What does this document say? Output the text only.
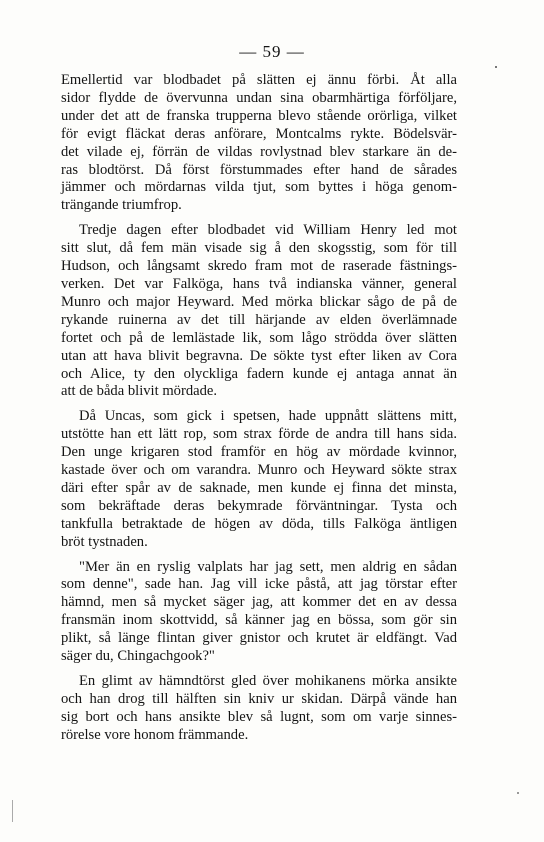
— 59 —
Emellertid var blodbadet på slätten ej ännu förbi. Åt alla
sidor flydde de övervunna undan sina obarmhärtiga förföljare,
under det att de franska trupperna blevo stående orörliga, vilket
för evigt fläckat deras anförare, Montcalms rykte. Bödelsvär-
det vilade ej, förrän de vildas rovlystnad blev starkare än de-
ras blodtörst. Då först förstummades efter hand de sårades
jämmer och mördarnas vilda tjut, som byttes i höga genom-
trängande triumfrop.
Tredje dagen efter blodbadet vid William Henry led mot
sitt slut, då fem män visade sig å den skogsstig, som för till
Hudson, och långsamt skredo fram mot de raserade fästnings-
verken. Det var Falköga, hans två indianska vänner, general
Munro och major Heyward. Med mörka blickar sågo de på de
rykande ruinerna av det till härjande av elden överlämnade
fortet och på de lemlästade lik, som lågo strödda över slätten
utan att hava blivit begravna. De sökte tyst efter liken av Cora
och Alice, ty den olyckliga fadern kunde ej antaga annat än
att de båda blivit mördade.
Då Uncas, som gick i spetsen, hade uppnått slättens mitt,
utstötte han ett lätt rop, som strax förde de andra till hans sida.
Den unge krigaren stod framför en hög av mördade kvinnor,
kastade över och om varandra. Munro och Heyward sökte strax
däri efter spår av de saknade, men kunde ej finna det minsta,
som bekräftade deras bekymrade förväntningar. Tysta och
tankfulla betraktade de högen av döda, tills Falköga äntligen
bröt tystnaden.
"Mer än en ryslig valplats har jag sett, men aldrig en sådan
som denne", sade han. Jag vill icke påstå, att jag törstar efter
hämnd, men så mycket säger jag, att kommer det en av dessa
fransmän inom skottvidd, så känner jag en bössa, som gör sin
plikt, så länge flintan giver gnistor och krutet är eldfängt. Vad
säger du, Chingachgook?"
En glimt av hämndtörst gled över mohikanens mörka ansikte
och han drog till hälften sin kniv ur skidan. Därpå vände han
sig bort och hans ansikte blev så lugnt, som om varje sinnes-
rörelse vore honom främmande.
